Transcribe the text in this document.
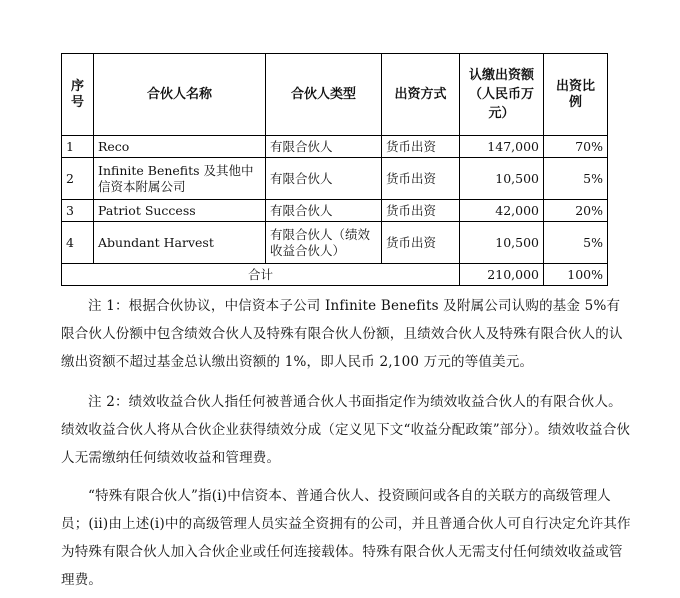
序号	合伙人名称	合伙人类型	出资方式	认缴出资额（人民币万元）	出资比例
1	Reco	有限合伙人	货币出资	147,000	70%
2	Infinite Benefits 及其他中信资本附属公司	有限合伙人	货币出资	10,500	5%
3	Patriot Success	有限合伙人	货币出资	42,000	20%
4	Abundant Harvest	有限合伙人（绩效收益合伙人）	货币出资	10,500	5%
合计				210,000	100%

注 1：根据合伙协议，中信资本子公司 Infinite Benefits 及附属公司认购的基金 5%有限合伙人份额中包含绩效合伙人及特殊有限合伙人份额，且绩效合伙人及特殊有限合伙人的认缴出资额不超过基金总认缴出资额的 1%，即人民币 2,100 万元的等值美元。

注 2：绩效收益合伙人指任何被普通合伙人书面指定作为绩效收益合伙人的有限合伙人。绩效收益合伙人将从合伙企业获得绩效分成（定义见下文“收益分配政策”部分）。绩效收益合伙人无需缴纳任何绩效收益和管理费。

“特殊有限合伙人”指(i)中信资本、普通合伙人、投资顾问或各自的关联方的高级管理人员；(ii)由上述(i)中的高级管理人员实益全资拥有的公司，并且普通合伙人可自行决定允许其作为特殊有限合伙人加入合伙企业或任何连接载体。特殊有限合伙人无需支付任何绩效收益或管理费。
